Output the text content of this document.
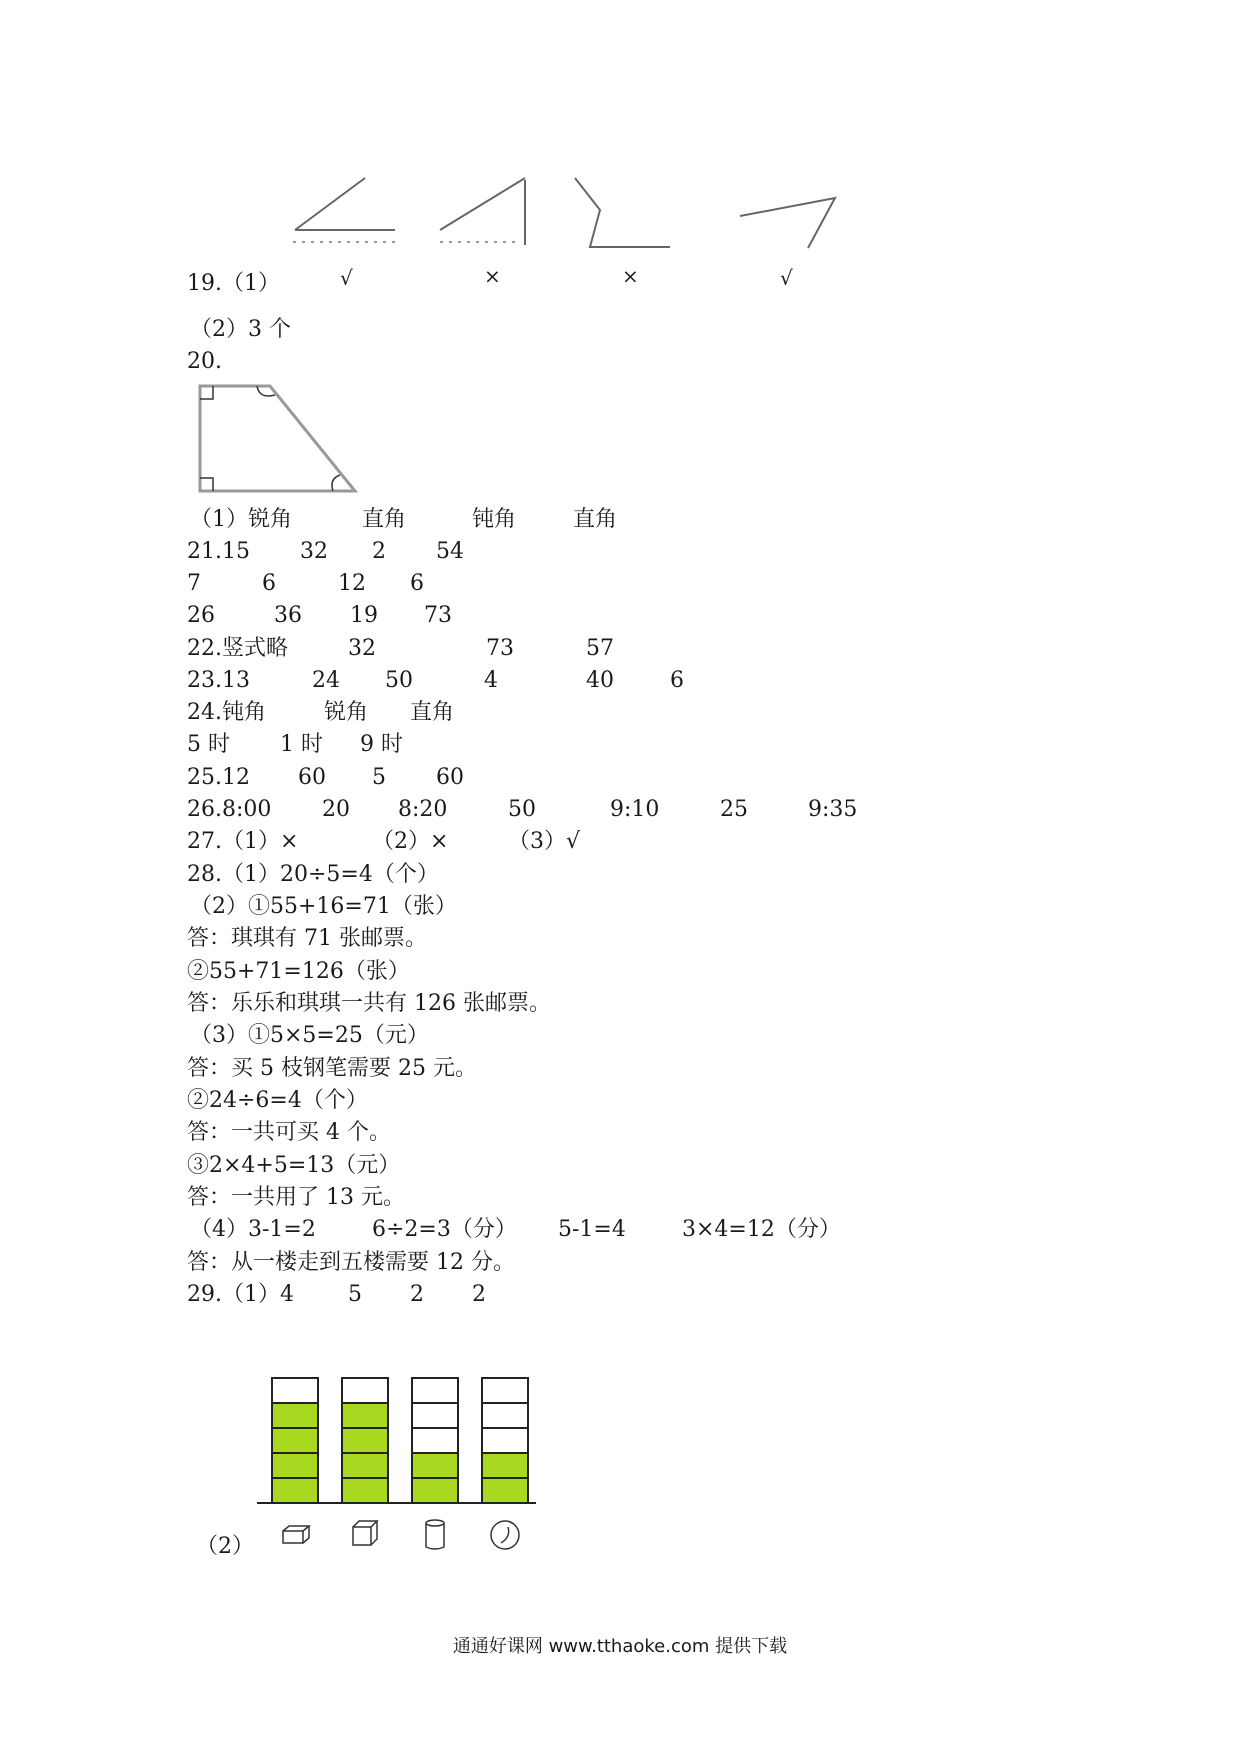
19.（1）	√	×	×	√
（2）3 个
20.
（1）锐角	直角	钝角	直角
21.15 32 2 54
7	6	12 6
26	36 19 73
22.竖式略	32	73	57
23.13	24 50	4	40	6
24.钝角	锐角 直角
5 时 1 时 9 时
25.12 60 5 60
26.8:00 20 8:20	50	9:10	25	9:35
27.（1）×	（2）×	（3）√
28.（1）20÷5=4（个）
（2）①55+16=71（张）
答：琪琪有 71 张邮票。
②55+71=126（张）
答：乐乐和琪琪一共有 126 张邮票。
（3）①5×5=25（元）
答：买 5 枝钢笔需要 25 元。
②24÷6=4（个）
答：一共可买 4 个。
③2×4+5=13（元）
答：一共用了 13 元。
（4）3-1=2	6÷2=3（分） 5-1=4	3×4=12（分）
答：从一楼走到五楼需要 12 分。
29.（1）4 5 2 2
（2）
通通好课网 www.tthaoke.com 提供下载
